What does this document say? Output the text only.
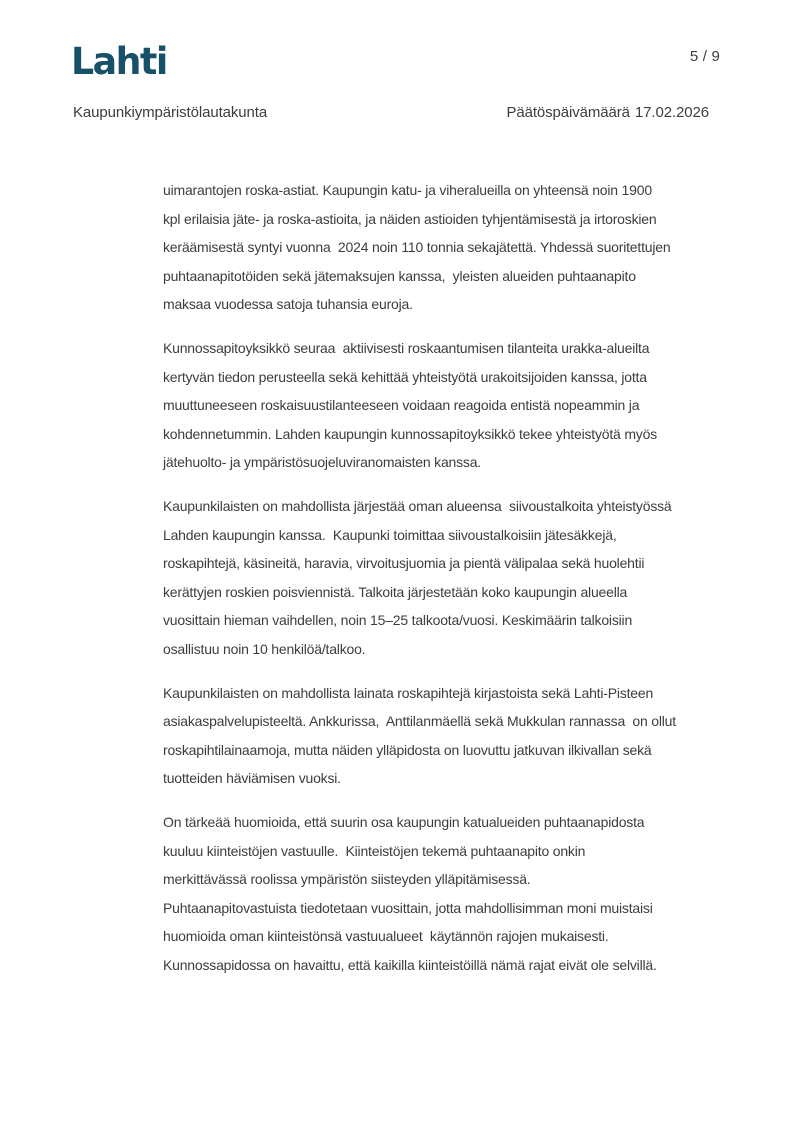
Lahti	5 / 9
Kaupunkiympäristölautakunta	Päätöspäivämäärä 17.02.2026
uimarantojen roska-astiat. Kaupungin katu- ja viheralueilla on yhteensä noin 1900
kpl erilaisia jäte- ja roska-astioita, ja näiden astioiden tyhjentämisestä ja irtoroskien
keräämisestä syntyi vuonna  2024 noin 110 tonnia sekajätettä. Yhdessä suoritettujen
puhtaanapitotöiden sekä jätemaksujen kanssa,  yleisten alueiden puhtaanapito
maksaa vuodessa satoja tuhansia euroja.
Kunnossapitoyksikkö seuraa  aktiivisesti roskaantumisen tilanteita urakka-alueilta
kertyvän tiedon perusteella sekä kehittää yhteistyötä urakoitsijoiden kanssa, jotta
muuttuneeseen roskaisuustilanteeseen voidaan reagoida entistä nopeammin ja
kohdennetummin. Lahden kaupungin kunnossapitoyksikkö tekee yhteistyötä myös
jätehuolto- ja ympäristösuojeluviranomaisten kanssa.
Kaupunkilaisten on mahdollista järjestää oman alueensa  siivoustalkoita yhteistyössä
Lahden kaupungin kanssa.  Kaupunki toimittaa siivoustalkoisiin jätesäkkejä,
roskapihtejä, käsineitä, haravia, virvoitusjuomia ja pientä välipalaa sekä huolehtii
kerättyjen roskien poisviennistä. Talkoita järjestetään koko kaupungin alueella
vuosittain hieman vaihdellen, noin 15–25 talkoota/vuosi. Keskimäärin talkoisiin
osallistuu noin 10 henkilöä/talkoo.
Kaupunkilaisten on mahdollista lainata roskapihtejä kirjastoista sekä Lahti-Pisteen
asiakaspalvelupisteeltä. Ankkurissa,  Anttilanmäellä sekä Mukkulan rannassa  on ollut
roskapihtilainaamoja, mutta näiden ylläpidosta on luovuttu jatkuvan ilkivallan sekä
tuotteiden häviämisen vuoksi.
On tärkeää huomioida, että suurin osa kaupungin katualueiden puhtaanapidosta
kuuluu kiinteistöjen vastuulle.  Kiinteistöjen tekemä puhtaanapito onkin
merkittävässä roolissa ympäristön siisteyden ylläpitämisessä.
Puhtaanapitovastuista tiedotetaan vuosittain, jotta mahdollisimman moni muistaisi
huomioida oman kiinteistönsä vastuualueet  käytännön rajojen mukaisesti.
Kunnossapidossa on havaittu, että kaikilla kiinteistöillä nämä rajat eivät ole selvillä.
